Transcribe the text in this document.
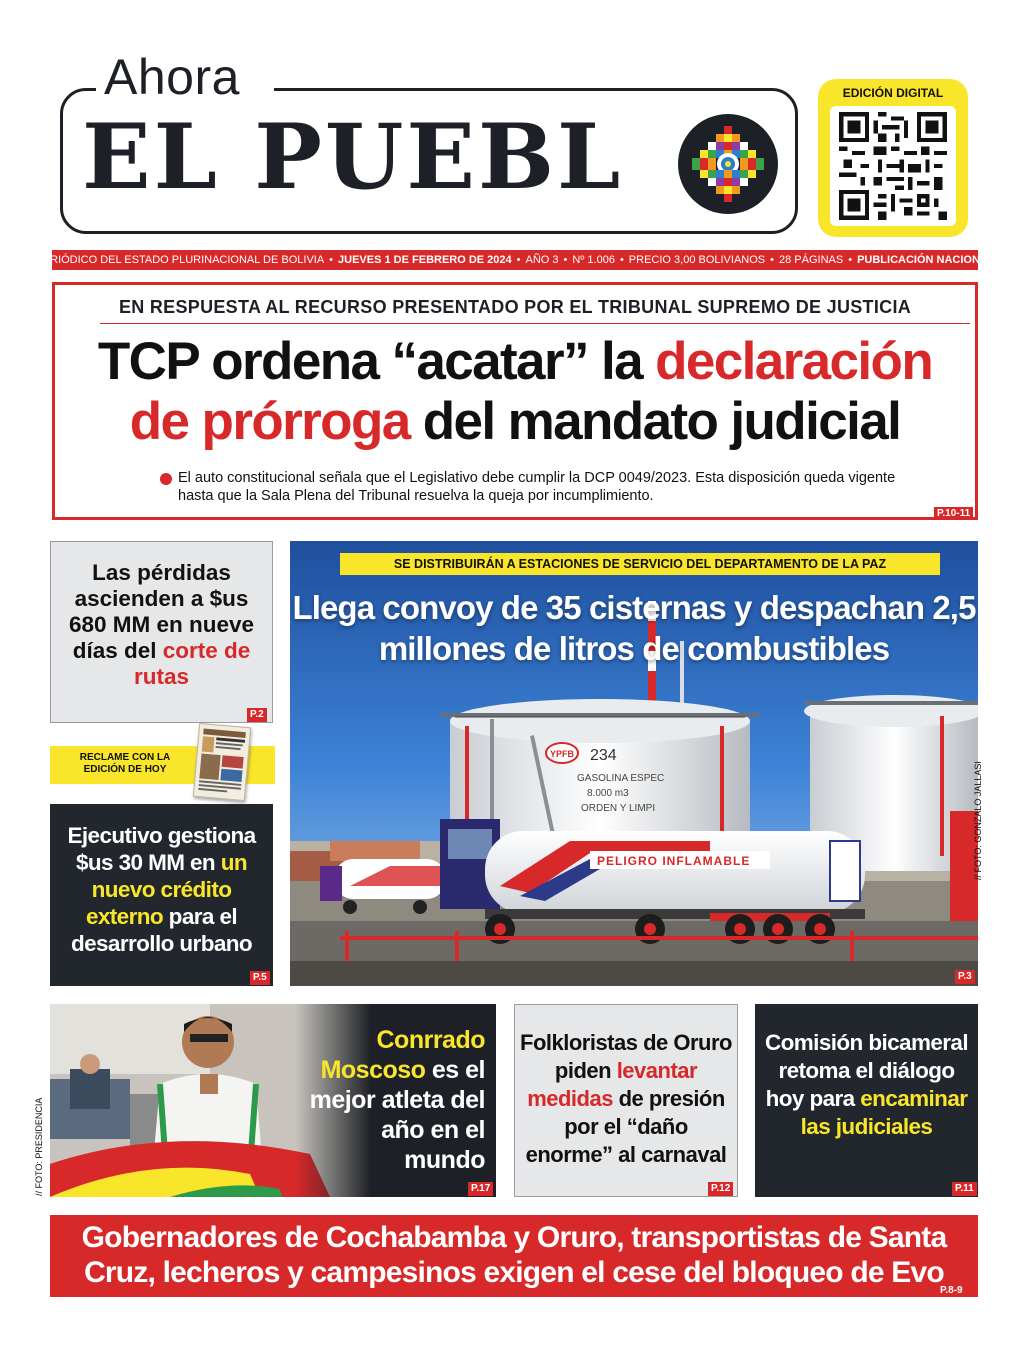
Ahora
EL PUEBL
EDICIÓN DIGITAL
PERIÓDICO DEL ESTADO PLURINACIONAL DE BOLIVIA • JUEVES 1 DE FEBRERO DE 2024 • AÑO 3 • Nº 1.006 • PRECIO 3,00 BOLIVIANOS • 28 PÁGINAS • PUBLICACIÓN NACIONAL
EN RESPUESTA AL RECURSO PRESENTADO POR EL TRIBUNAL SUPREMO DE JUSTICIA
TCP ordena “acatar” la declaración
de prórroga del mandato judicial
El auto constitucional señala que el Legislativo debe cumplir la DCP 0049/2023. Esta disposición queda vigente hasta que la Sala Plena del Tribunal resuelva la queja por incumplimiento.
P.10-11
Las pérdidas ascienden a $us 680 MM en nueve días del corte de rutas
P.2
RECLAME CON LA EDICIÓN DE HOY
Ejecutivo gestiona $us 30 MM en un nuevo crédito externo para el desarrollo urbano
P.5
YPFB 234
GASOLINA ESPEC
8.000 m3
ORDEN Y LIMPI
PELIGRO INFLAMABLE
SE DISTRIBUIRÁN A ESTACIONES DE SERVICIO DEL DEPARTAMENTO DE LA PAZ
Llega convoy de 35 cisternas y despachan 2,5 millones de litros de combustibles
P.3
// FOTO: GONZALO JALLASI
Conrrado Moscoso es el mejor atleta del año en el mundo
P.17
// FOTO: PRESIDENCIA
Folkloristas de Oruro piden levantar medidas de presión por el “daño enorme” al carnaval
P.12
Comisión bicameral retoma el diálogo hoy para encaminar las judiciales
P.11
Gobernadores de Cochabamba y Oruro, transportistas de Santa Cruz, lecheros y campesinos exigen el cese del bloqueo de Evo
P.8-9
